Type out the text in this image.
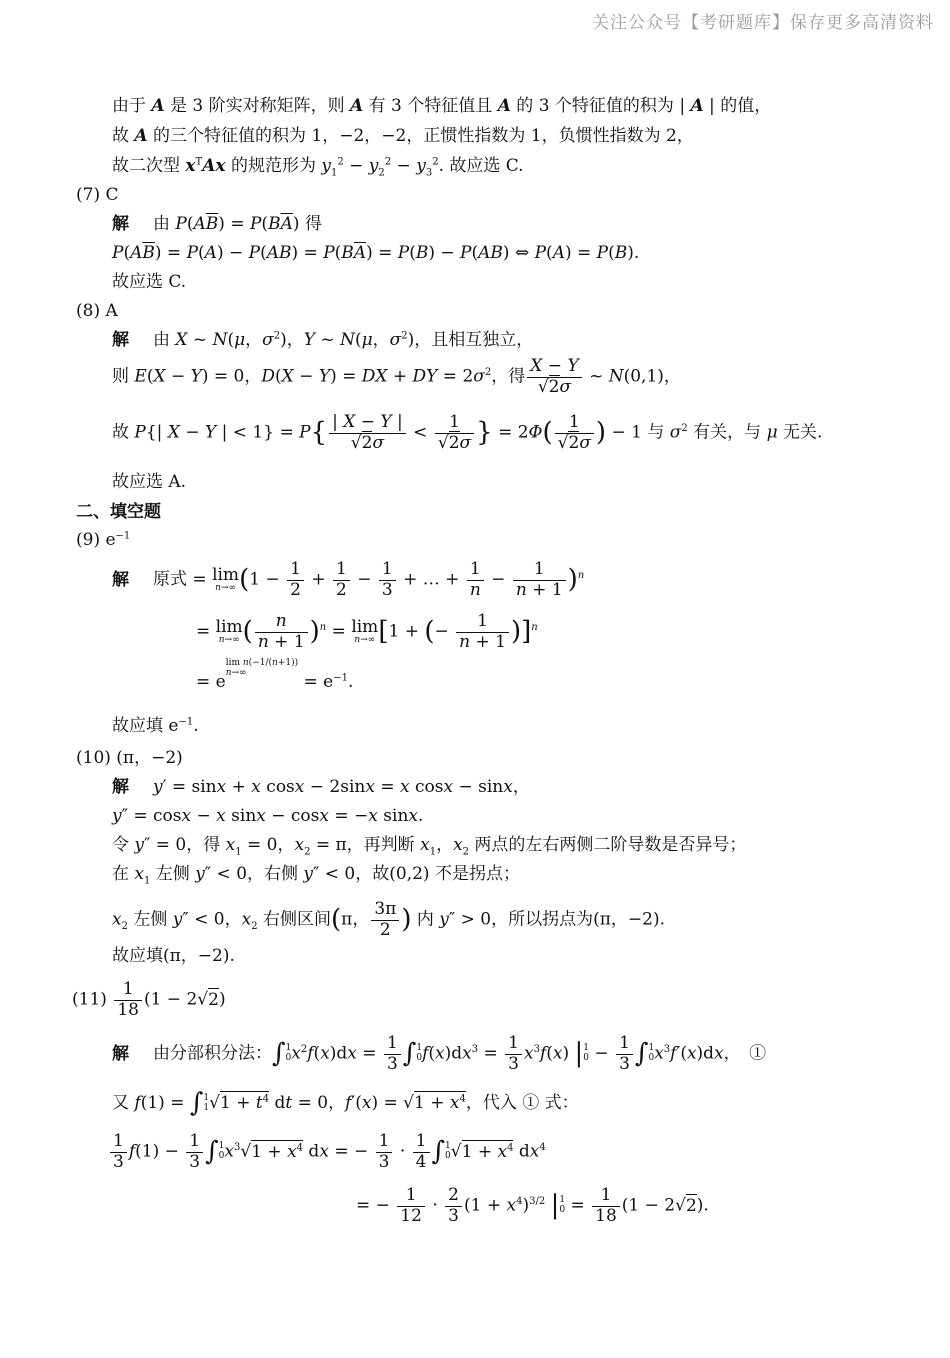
关注公众号【考研题库】保存更多高清资料
由于 A 是 3 阶实对称矩阵，则 A 有 3 个特征值且 A 的 3 个特征值的积为 | A | 的值，
故 A 的三个特征值的积为 1，−2，−2，正惯性指数为 1，负惯性指数为 2，
故二次型 $x^TAx$ 的规范形为 $y_1^2 - y_2^2 - y_3^2$. 故应选 C.
(7) C
解 由 $P(A\overline{B}) = P(B\overline{A})$ 得
$P(A\overline{B}) = P(A) - P(AB) = P(B\overline{A}) = P(B) - P(AB)$ ⇔ P(A) = P(B).
故应选 C.
(8) A
解 由 X ~ N(μ，$\sigma^2$)，Y ~ N(μ，$\sigma^2$)，且相互独立，
则 E(X − Y) = 0，D(X − Y) = DX + DY = $2\sigma^2$，得 $\frac{X - Y}{√2\sigma}$ ~ N(0,1)，
故 P{| X − Y | < $1\} = P\{ \frac{| X - Y |}{√2\sigma} < \frac{1}{√2\sigma}$ } = $2\Phi( \frac{1}{√2\sigma}$ ) − 1 与 $\sigma^2$ 有关，与 μ 无关.
故应选 A.
二、填空题
(9) $e^{-1}$
解 原式 = lim
n→∞ ($1 - \frac{1}{2} + \frac{1}{2} - \frac{1}{3}$ + … + $\frac{1}{n} - \frac{1}{n + 1} )^n$
= lim
n→∞ ( $\frac{n}{n + 1} )^n = \lim$
n→∞ [1 + (− $\frac{1}{n + 1} )]^n$
= elim n(−1/(n+1))
n→∞	= $e^{-1}$.
故应填 $e^{-1}$.
(10) (π，−2)
解 y′ = sinx + x cosx − 2sinx = x cosx − sinx，
y″ = cosx − x sinx − cosx = −x sinx.
令 y″ = 0，得 $x_1 = 0$，$x_2 = \pi$，再判断 $x_1$，$x_2$ 两点的左右两侧二阶导数是否异号；
在 $x_1$ 左侧 y″ < 0，右侧 y″ < 0，故(0,2) 不是拐点；
$x_2$ 左侧 y″ < 0，$x_2$ 右侧区间(π， $\frac{3\pi}{2}$ ) 内 y″ > 0，所以拐点为(π，−2).
故应填(π，−2).
$(11) \frac{1}{18} (1 - 2√2)$
解 由分部积分法：∫1
$0x^2f(x)dx = \frac{1}{3} \int 1$
$0f(x)dx^3 = \frac{1}{3} x^3f(x)$ |1
$0 - \frac{1}{3} \int 1$
$0x^3f'(x)dx$，　①
又 f(1) = ∫1
$1√1 + t^4$ dt = 0，$f'(x) = √1 + x^4$，代入 ① 式：
$\frac{1}{3} f(1) - \frac{1}{3} \int 1$
$0x^3√1 + x^4$ dx = − $\frac{1}{3} \cdot \frac{1}{4} \int 1$
$0√1 + x^4$ $dx^4$
= − $\frac{1}{12} \cdot \frac{2}{3} (1 + x^4)^{3/2}$ |1
$0 = \frac{1}{18} (1 - 2√2)$.
